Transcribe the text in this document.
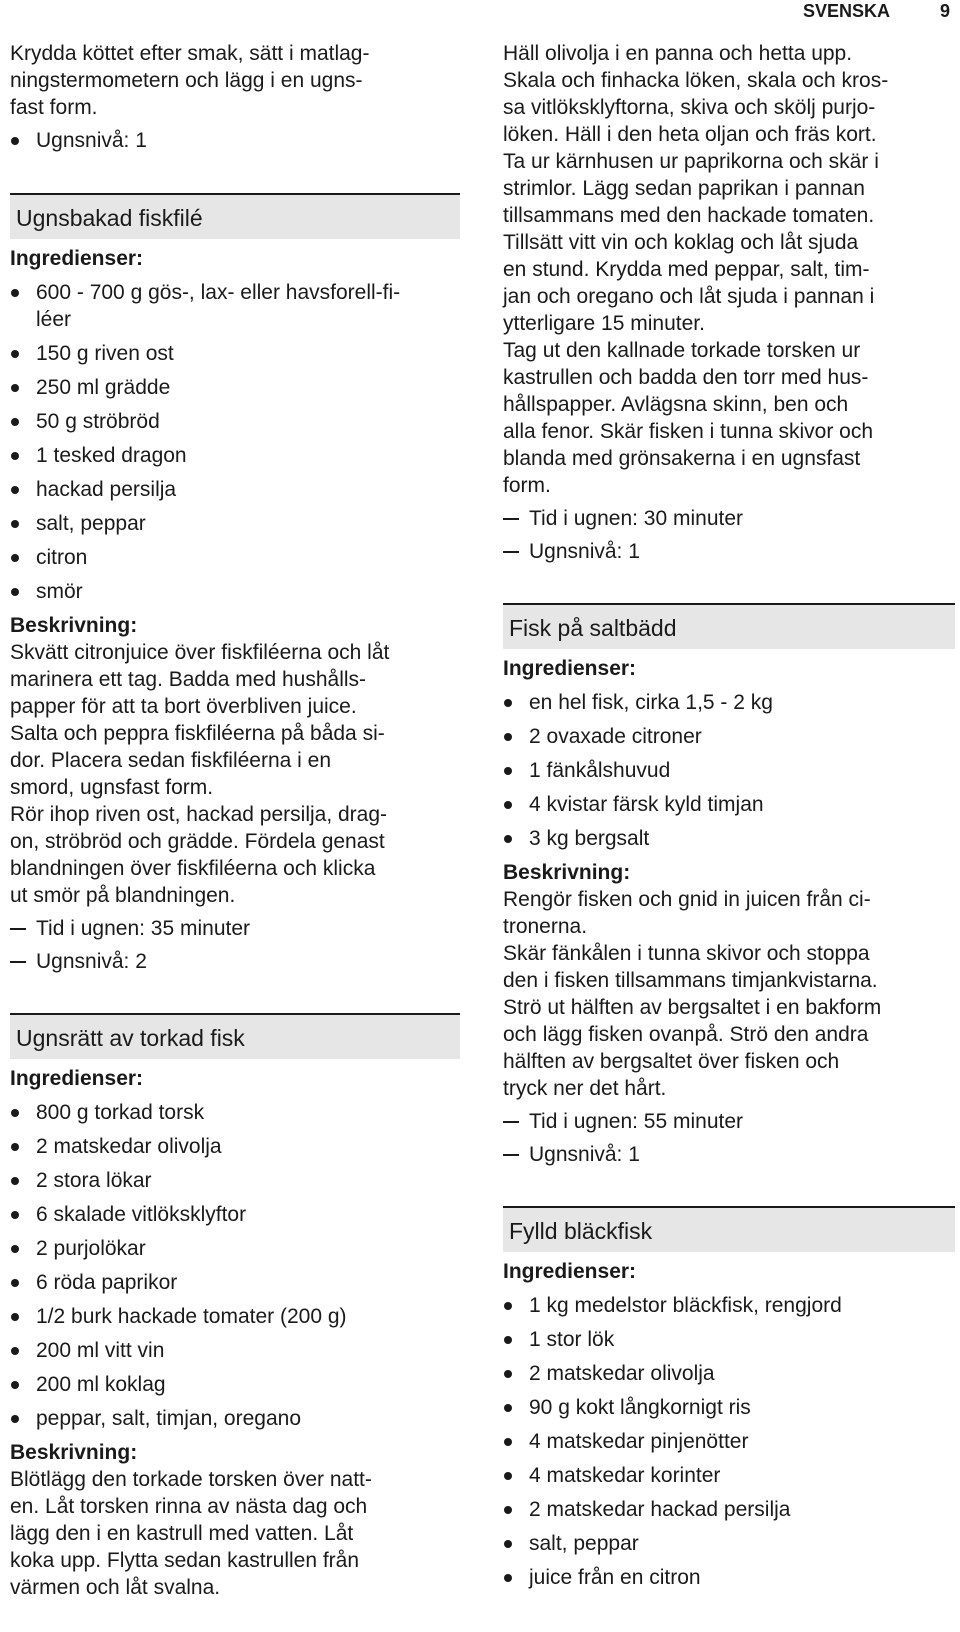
SVENSKA	9

Krydda köttet efter smak, sätt i matlag-

ningstermometern och lägg i en ugns-

fast form.

Ugnsnivå: 1
Ugnsbakad fiskfilé

Ingredienser:

600 - 700 g gös-, lax- eller havsforell-fi-
léer
150 g riven ost
250 ml grädde
50 g ströbröd
1 tesked dragon
hackad persilja
salt, peppar
citron
smör

Beskrivning:

Skvätt citronjuice över fiskfiléerna och låt
marinera ett tag. Badda med hushålls-
papper för att ta bort överbliven juice.
Salta och peppra fiskfiléerna på båda si-
dor. Placera sedan fiskfiléerna i en
smord, ugnsfast form.

Rör ihop riven ost, hackad persilja, drag-
on, ströbröd och grädde. Fördela genast
blandningen över fiskfiléerna och klicka
ut smör på blandningen.

Tid i ugnen: 35 minuter
Ugnsnivå: 2
Ugnsrätt av torkad fisk

Ingredienser:

800 g torkad torsk
2 matskedar olivolja
2 stora lökar
6 skalade vitlöksklyftor
2 purjolökar
6 röda paprikor
1/2 burk hackade tomater (200 g)
200 ml vitt vin
200 ml koklag
peppar, salt, timjan, oregano

Beskrivning:

Blötlägg den torkade torsken över natt-
en. Låt torsken rinna av nästa dag och
lägg den i en kastrull med vatten. Låt
koka upp. Flytta sedan kastrullen från
värmen och låt svalna.

Häll olivolja i en panna och hetta upp.
Skala och finhacka löken, skala och kros-
sa vitlöksklyftorna, skiva och skölj purjo-
löken. Häll i den heta oljan och fräs kort.
Ta ur kärnhusen ur paprikorna och skär i
strimlor. Lägg sedan paprikan i pannan
tillsammans med den hackade tomaten.
Tillsätt vitt vin och koklag och låt sjuda
en stund. Krydda med peppar, salt, tim-
jan och oregano och låt sjuda i pannan i
ytterligare 15 minuter.

Tag ut den kallnade torkade torsken ur
kastrullen och badda den torr med hus-
hållspapper. Avlägsna skinn, ben och
alla fenor. Skär fisken i tunna skivor och
blanda med grönsakerna i en ugnsfast
form.

Tid i ugnen: 30 minuter
Ugnsnivå: 1
Fisk på saltbädd

Ingredienser:

en hel fisk, cirka 1,5 - 2 kg
2 ovaxade citroner
1 fänkålshuvud
4 kvistar färsk kyld timjan
3 kg bergsalt

Beskrivning:

Rengör fisken och gnid in juicen från ci-
tronerna.

Skär fänkålen i tunna skivor och stoppa
den i fisken tillsammans timjankvistarna.
Strö ut hälften av bergsaltet i en bakform
och lägg fisken ovanpå. Strö den andra
hälften av bergsaltet över fisken och
tryck ner det hårt.

Tid i ugnen: 55 minuter
Ugnsnivå: 1
Fylld bläckfisk

Ingredienser:

1 kg medelstor bläckfisk, rengjord
1 stor lök
2 matskedar olivolja
90 g kokt långkornigt ris
4 matskedar pinjenötter
4 matskedar korinter
2 matskedar hackad persilja
salt, peppar
juice från en citron
